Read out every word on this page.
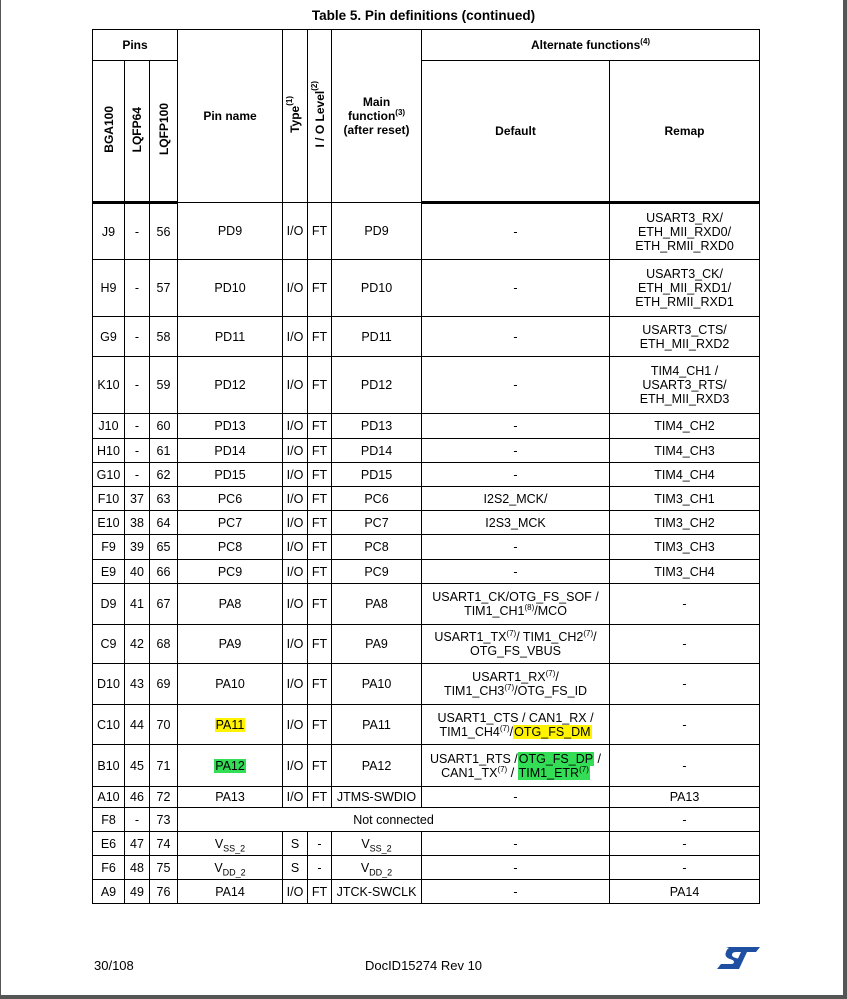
Table 5. Pin definitions (continued)
Pins			Pin name	Type$^{(1)}$	I / O Level$^{(2)}$	Main
function$^{(3)}$
(after reset)	Alternate functions$^{(4)}$
BGA100	LQFP64	LQFP100					Default	Remap
J9	-	56	PD9	I/O	FT	PD9	-	USART3_RX/
ETH_MII_RXD0/
ETH_RMII_RXD0
H9	-	57	PD10	I/O	FT	PD10	-	USART3_CK/
ETH_MII_RXD1/
ETH_RMII_RXD1
G9	-	58	PD11	I/O	FT	PD11	-	USART3_CTS/
ETH_MII_RXD2
K10	-	59	PD12	I/O	FT	PD12	-	TIM4_CH1 /
USART3_RTS/
ETH_MII_RXD3
J10	-	60	PD13	I/O	FT	PD13	-	TIM4_CH2
H10	-	61	PD14	I/O	FT	PD14	-	TIM4_CH3
G10	-	62	PD15	I/O	FT	PD15	-	TIM4_CH4
F10	37	63	PC6	I/O	FT	PC6	I2S2_MCK/	TIM3_CH1
E10	38	64	PC7	I/O	FT	PC7	I2S3_MCK	TIM3_CH2
F9	39	65	PC8	I/O	FT	PC8	-	TIM3_CH3
E9	40	66	PC9	I/O	FT	PC9	-	TIM3_CH4
D9	41	67	PA8	I/O	FT	PA8	USART1_CK/OTG_FS_SOF /
TIM1_CH1$^{(8)}$/MCO	-
C9	42	68	PA9	I/O	FT	PA9	USART1_TX$^{(7)}$/ TIM1_CH2$^{(7)}$/
OTG_FS_VBUS	-
D10	43	69	PA10	I/O	FT	PA10	USART1_RX$^{(7)}$/
TIM1_CH3$^{(7)}$/OTG_FS_ID	-
C10	44	70	PA11	I/O	FT	PA11	USART1_CTS / CAN1_RX /
TIM1_CH4$^{(7)}$/OTG_FS_DM	-
B10	45	71	PA12	I/O	FT	PA12	USART1_RTS /OTG_FS_DP /
CAN1_TX$^{(7)}$ / TIM1_ETR$^{(7)}$	-
A10	46	72	PA13	I/O	FT	JTMS-SWDIO	-	PA13
F8	-	73	Not connected					-
E6	47	74	$V_{SS\_2}$	S	-	$V_{SS\_2}$	-	-
F6	48	75	$V_{DD\_2}$	S	-	$V_{DD\_2}$	-	-
A9	49	76	PA14	I/O	FT	JTCK-SWCLK	-	PA14
30/108	DocID15274 Rev 10
